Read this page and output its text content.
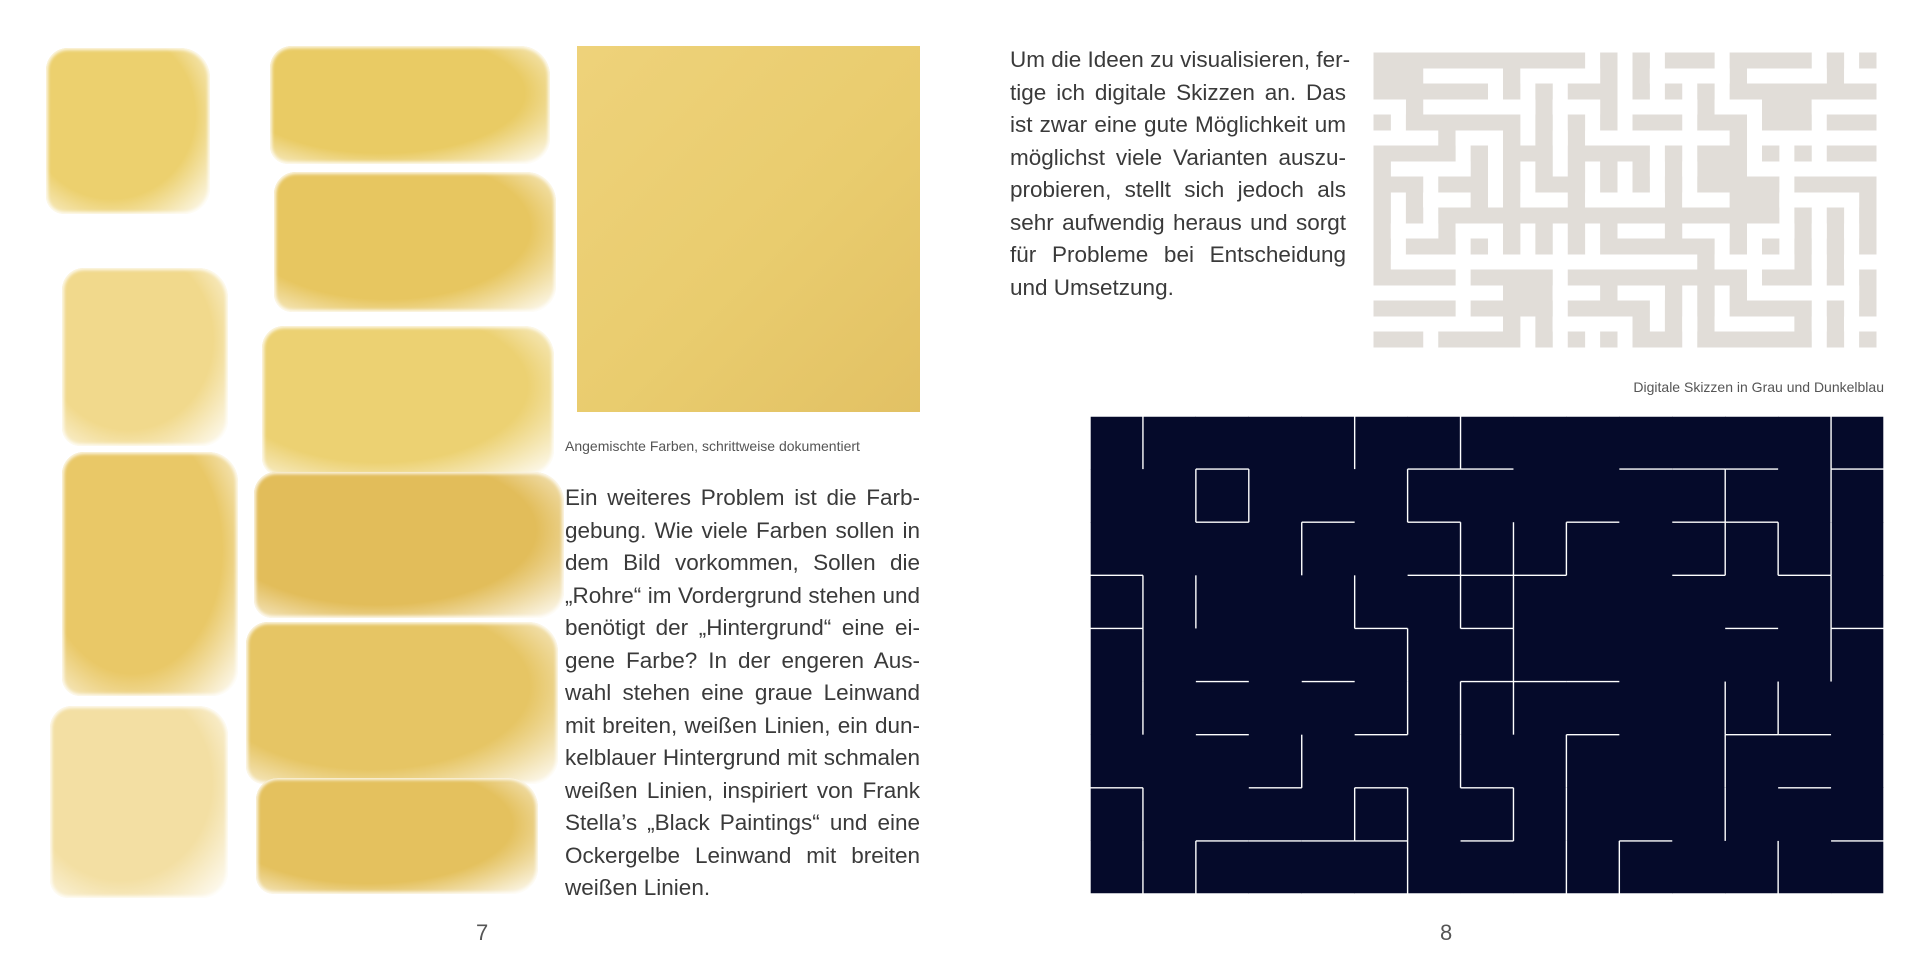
Angemischte Farben, schrittweise dokumentiert
Ein weiteres Problem ist die Farb-
gebung. Wie viele Farben sollen in
dem Bild vorkommen, Sollen die
„Rohre“ im Vordergrund stehen und
benötigt der „Hintergrund“ eine ei-
gene Farbe? In der engeren Aus-
wahl stehen eine graue Leinwand
mit breiten, weißen Linien, ein dun-
kelblauer Hintergrund mit schmalen
weißen Linien, inspiriert von Frank
Stella’s „Black Paintings“ und eine
Ockergelbe Leinwand mit breiten
weißen Linien.
7
Um die Ideen zu visualisieren, fer-
tige ich digitale Skizzen an. Das
ist zwar eine gute Möglichkeit um
möglichst viele Varianten auszu-
probieren, stellt sich jedoch als
sehr aufwendig heraus und sorgt
für Probleme bei Entscheidung
und Umsetzung.
Digitale Skizzen in Grau und Dunkelblau
8
